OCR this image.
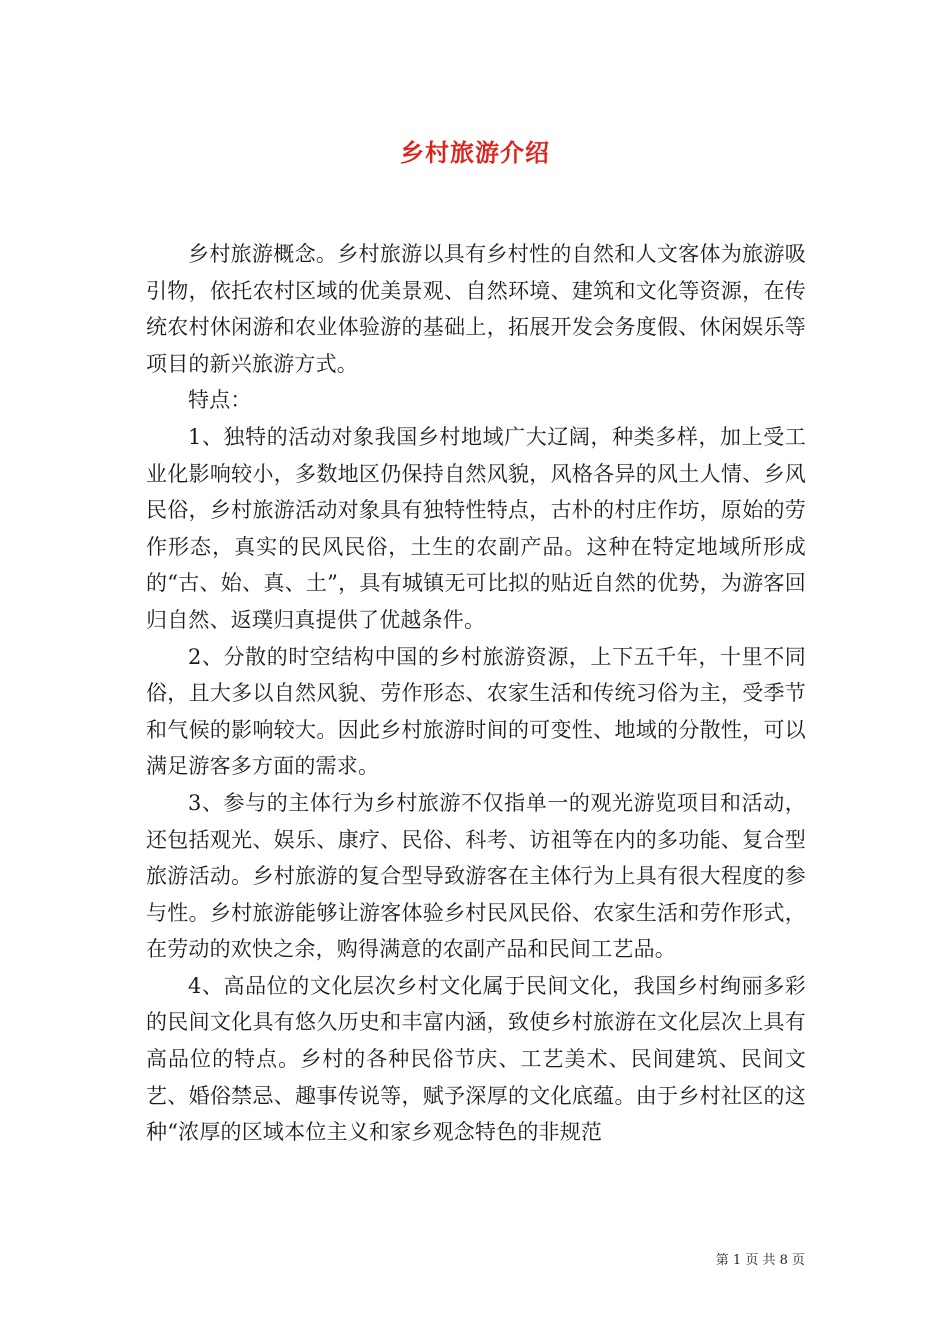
乡村旅游介绍

乡村旅游概念。乡村旅游以具有乡村性的自然和人文客体为旅游吸引物，依托农村区域的优美景观、自然环境、建筑和文化等资源，在传统农村休闲游和农业体验游的基础上，拓展开发会务度假、休闲娱乐等项目的新兴旅游方式。

特点：

1、独特的活动对象我国乡村地域广大辽阔，种类多样，加上受工业化影响较小，多数地区仍保持自然风貌，风格各异的风土人情、乡风民俗，乡村旅游活动对象具有独特性特点，古朴的村庄作坊，原始的劳作形态，真实的民风民俗，土生的农副产品。这种在特定地域所形成的“古、始、真、土”，具有城镇无可比拟的贴近自然的优势，为游客回归自然、返璞归真提供了优越条件。

2、分散的时空结构中国的乡村旅游资源，上下五千年，十里不同俗，且大多以自然风貌、劳作形态、农家生活和传统习俗为主，受季节和气候的影响较大。因此乡村旅游时间的可变性、地域的分散性，可以满足游客多方面的需求。

3、参与的主体行为乡村旅游不仅指单一的观光游览项目和活动，还包括观光、娱乐、康疗、民俗、科考、访祖等在内的多功能、复合型旅游活动。乡村旅游的复合型导致游客在主体行为上具有很大程度的参与性。乡村旅游能够让游客体验乡村民风民俗、农家生活和劳作形式，在劳动的欢快之余，购得满意的农副产品和民间工艺品。

4、高品位的文化层次乡村文化属于民间文化，我国乡村绚丽多彩的民间文化具有悠久历史和丰富内涵，致使乡村旅游在文化层次上具有高品位的特点。乡村的各种民俗节庆、工艺美术、民间建筑、民间文艺、婚俗禁忌、趣事传说等，赋予深厚的文化底蕴。由于乡村社区的这种“浓厚的区域本位主义和家乡观念特色的非规范

第 1 页 共 8 页
